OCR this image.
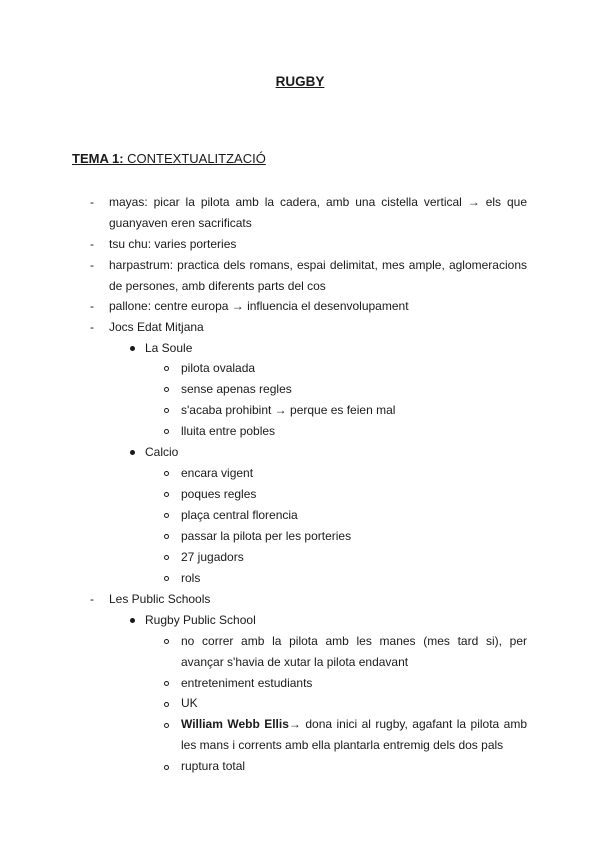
RUGBY
TEMA 1: CONTEXTUALITZACIÓ
-
-
-
-
-
-
mayas: picar la pilota amb la cadera, amb una cistella vertical → els que
guanyaven eren sacrificats
tsu chu: varies porteries
harpastrum: practica dels romans, espai delimitat, mes ample, aglomeracions
de persones, amb diferents parts del cos
pallone: centre europa → influencia el desenvolupament
Jocs Edat Mitjana
La Soule
pilota ovalada
sense apenas regles
s'acaba prohibint → perque es feien mal
lluita entre pobles
Calcio
encara vigent
poques regles
plaça central florencia
passar la pilota per les porteries
27 jugadors
rols
Les Public Schools
Rugby Public School
no correr amb la pilota amb les manes (mes tard si), per
avançar s'havia de xutar la pilota endavant
entreteniment estudiants
UK
William Webb Ellis→ dona inici al rugby, agafant la pilota amb
les mans i corrents amb ella plantarla entremig dels dos pals
ruptura total
